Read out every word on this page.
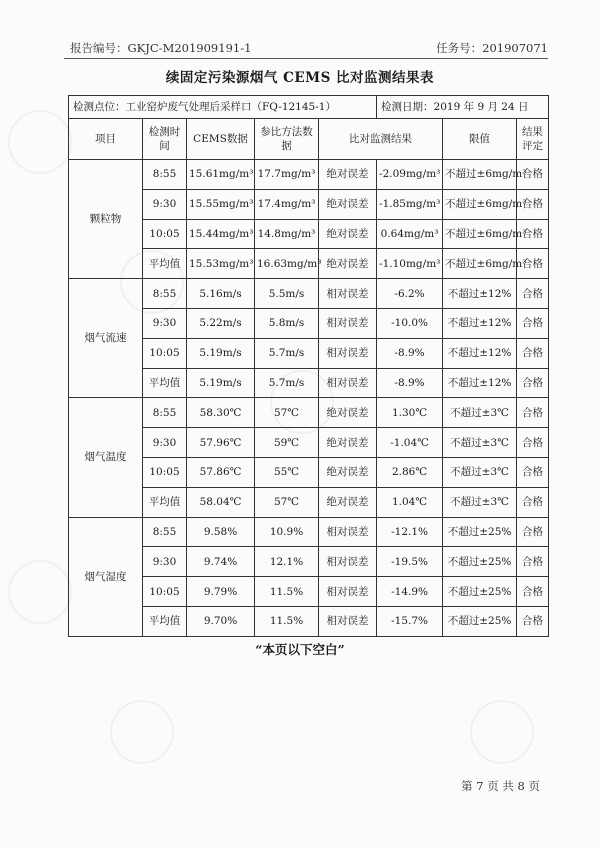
报告编号：GKJC-M201909191-1	任务号：201907071
续固定污染源烟气 CEMS 比对监测结果表
检测点位：工业窑炉废气处理后采样口（FQ-12145-1）					检测日期：2019 年 9 月 24 日		
项目	检测时间	CEMS数据	参比方法数据	比对监测结果		限值	结果评定
颗粒物	8:55	15.61mg/m³	17.7mg/m³	绝对误差	-2.09mg/m³	不超过±6mg/m³	合格
	9:30	15.55mg/m³	17.4mg/m³	绝对误差	-1.85mg/m³	不超过±6mg/m³	合格
	10:05	15.44mg/m³	14.8mg/m³	绝对误差	0.64mg/m³	不超过±6mg/m³	合格
	平均值	15.53mg/m³	16.63mg/m³	绝对误差	-1.10mg/m³	不超过±6mg/m³	合格
烟气流速	8:55	5.16m/s	5.5m/s	相对误差	-6.2%	不超过±12%	合格
	9:30	5.22m/s	5.8m/s	相对误差	-10.0%	不超过±12%	合格
	10:05	5.19m/s	5.7m/s	相对误差	-8.9%	不超过±12%	合格
	平均值	5.19m/s	5.7m/s	相对误差	-8.9%	不超过±12%	合格
烟气温度	8:55	58.30℃	57℃	绝对误差	1.30℃	不超过±3℃	合格
	9:30	57.96℃	59℃	绝对误差	-1.04℃	不超过±3℃	合格
	10:05	57.86℃	55℃	绝对误差	2.86℃	不超过±3℃	合格
	平均值	58.04℃	57℃	绝对误差	1.04℃	不超过±3℃	合格
烟气湿度	8:55	9.58%	10.9%	相对误差	-12.1%	不超过±25%	合格
	9:30	9.74%	12.1%	相对误差	-19.5%	不超过±25%	合格
	10:05	9.79%	11.5%	相对误差	-14.9%	不超过±25%	合格
	平均值	9.70%	11.5%	相对误差	-15.7%	不超过±25%	合格
“本页以下空白”
第 7 页 共 8 页
